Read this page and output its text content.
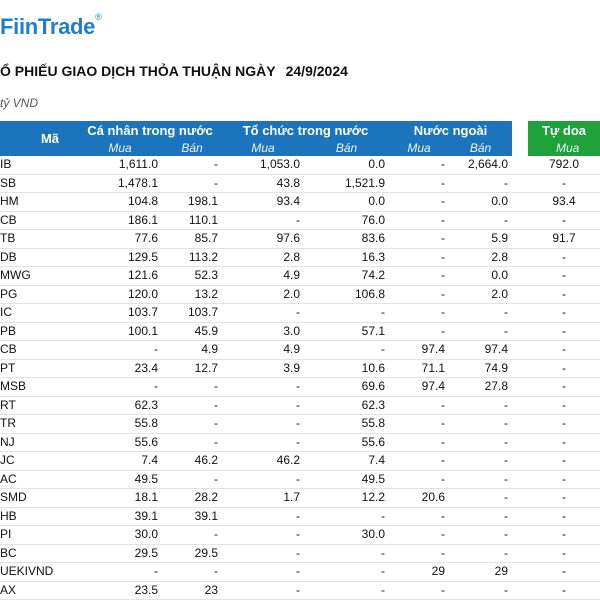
FiinTrade®
Ổ PHIẾU GIAO DỊCH THỎA THUẬN NGÀY 24/9/2024
tỷ VND
Mã	Cá nhân trong nước		Tổ chức trong nước		Nước ngoài			Tự doa
	Mua	Bán	Mua	Bán	Mua	Bán		Mua
IB	1,611.0	-	1,053.0	0.0	-	2,664.0		792.0
SB	1,478.1	-	43.8	1,521.9	-	-		-
HM	104.8	198.1	93.4	0.0	-	0.0		93.4
CB	186.1	110.1	-	76.0	-	-		-
TB	77.6	85.7	97.6	83.6	-	5.9		91.7
DB	129.5	113.2	2.8	16.3	-	2.8		-
MWG	121.6	52.3	4.9	74.2	-	0.0		-
PG	120.0	13.2	2.0	106.8	-	2.0		-
IC	103.7	103.7	-	-	-	-		-
PB	100.1	45.9	3.0	57.1	-	-		-
CB	-	4.9	4.9	-	97.4	97.4		-
PT	23.4	12.7	3.9	10.6	71.1	74.9		-
MSB	-	-	-	69.6	97.4	27.8		-
RT	62.3	-	-	62.3	-	-		-
TR	55.8	-	-	55.8	-	-		-
NJ	55.6	-	-	55.6	-	-		-
JC	7.4	46.2	46.2	7.4	-	-		-
AC	49.5	-	-	49.5	-	-		-
SMD	18.1	28.2	1.7	12.2	20.6	-		-
HB	39.1	39.1	-	-	-	-		-
PI	30.0	-	-	30.0	-	-		-
BC	29.5	29.5	-	-	-	-		-
UEKIVND	-	-	-	-	29	29		-
AX	23.5	23	-	-	-	-		-
